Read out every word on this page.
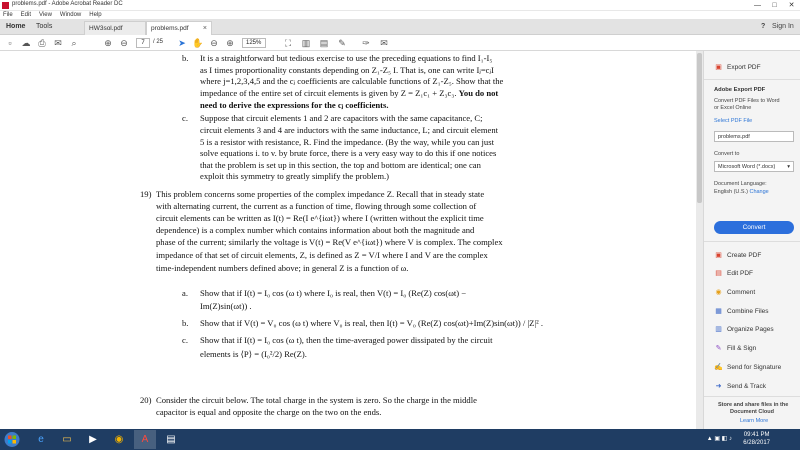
problems.pdf - Adobe Acrobat Reader DC	—	□	✕
File Edit View Window Help
Home Tools	HW3sol.pdf	problems.pdf ×	? Sign In
▫	☁ ⎙ ✉	⌕	⊕ ⊖	7	/ 25 ➤ ✋ ⊖ ⊕	125%	⛶	▥ ▤ ✎ ✑ ✉
b. It is a straightforward but tedious exercise to use the preceding equations to find I₁-I₅
as I times proportionality constants depending on Z₁-Z₅ I. That is, one can write Iⱼ=cⱼI
where j=1,2,3,4,5 and the cⱼ coefficients are calculable functions of Z₁-Z₅. Show that the
impedance of the entire set of circuit elements is given by Z = Z₁c₁ + Z₃c₃. You do not
need to derive the expressions for the cⱼ coefficients.
c. Suppose that circuit elements 1 and 2 are capacitors with the same capacitance, C;
circuit elements 3 and 4 are inductors with the same inductance, L; and circuit element
5 is a resistor with resistance, R. Find the impedance. (By the way, while you can just
solve equations i. to v. by brute force, there is a very easy way to do this if one notices
that the problem is set up in this section, the top and bottom are identical; one can
exploit this symmetry to greatly simplify the problem.)
19) This problem concerns some properties of the complex impedance Z. Recall that in steady state
with alternating current, the current as a function of time, flowing through some collection of
circuit elements can be written as I(t) = Re(I e^{iωt}) where I (written without the explicit time
dependence) is a complex number which contains information about both the magnitude and
phase of the current; similarly the voltage is V(t) = Re(V e^{iωt}) where V is complex. The complex
impedance of that set of circuit elements, Z, is defined as Z = V/I where I and V are the complex
time-independent numbers defined above; in general Z is a function of ω.
a. Show that if I(t) = I₀ cos (ω t) where I₀ is real, then V(t) = I₀ (Re(Z) cos(ωt) −
Im(Z)sin(ωt)) .
b. Show that if V(t) = V₀ cos (ω t) where V₀ is real, then I(t) = V₀ (Re(Z) cos(ωt)+Im(Z)sin(ωt)) / |Z|² .
c. Show that if I(t) = I₀ cos (ω t), then the time-averaged power dissipated by the circuit
elements is ⟨P⟩ = (I₀²/2) Re(Z).
20) Consider the circuit below. The total charge in the system is zero. So the charge in the middle
capacitor is equal and opposite the charge on the two on the ends.
▣ Export PDF
Adobe Export PDF
Convert PDF Files to Word
or Excel Online
Select PDF File
problems.pdf
Convert to
Microsoft Word (*.docx) ▾
Document Language:
English (U.S.) Change
Convert
▣ Create PDF
▤ Edit PDF
◉ Comment
▦ Combine Files
▥ Organize Pages
✎ Fill & Sign
✍ Send for Signature
➜ Send & Track
Store and share files in the
Document Cloud
Learn More
e	▭	▶	◉	A	▤	▲ ▣ ◧ ♪
09:41 PM
6/28/2017
